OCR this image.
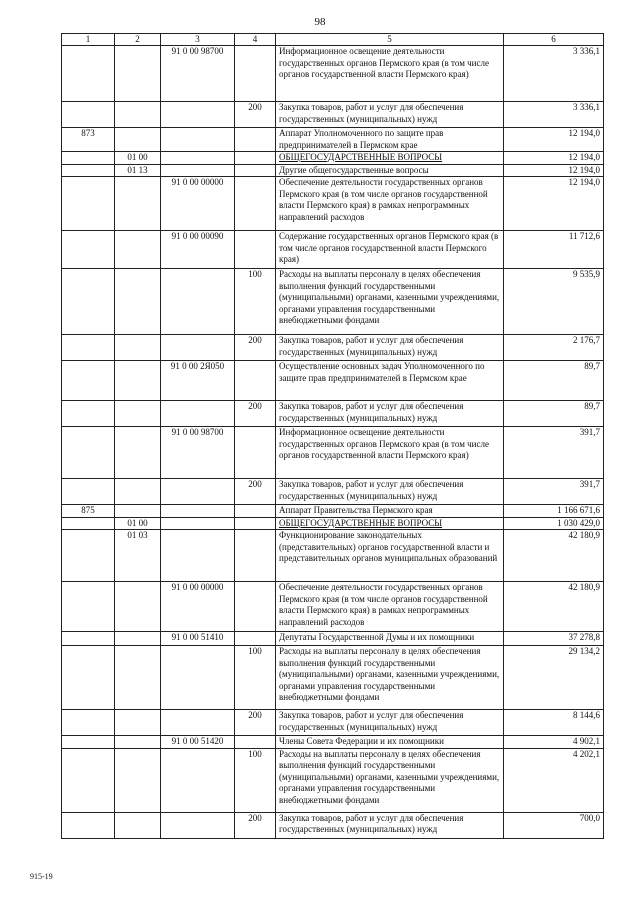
98
1	2	3	4	5	6
		91 0 00 98700		Информационное освещение деятельности государственных органов Пермского края (в том числе органов государственной власти Пермского края)	3 336,1
			200	Закупка товаров, работ и услуг для обеспечения государственных (муниципальных) нужд	3 336,1
873				Аппарат Уполномоченного по защите прав предпринимателей в Пермском крае	12 194,0
	01 00			ОБЩЕГОСУДАРСТВЕННЫЕ ВОПРОСЫ	12 194,0
	01 13			Другие общегосударственные вопросы	12 194,0
		91 0 00 00000		Обеспечение деятельности государственных органов Пермского края (в том числе органов государственной власти Пермского края) в рамках непрограммных направлений расходов	12 194,0
		91 0 00 00090		Содержание государственных органов Пермского края (в том числе органов государственной власти Пермского края)	11 712,6
			100	Расходы на выплаты персоналу в целях обеспечения выполнения функций государственными (муниципальными) органами, казенными учреждениями, органами управления государственными внебюджетными фондами	9 535,9
			200	Закупка товаров, работ и услуг для обеспечения государственных (муниципальных) нужд	2 176,7
		91 0 00 2Я050		Осуществление основных задач Уполномоченного по защите прав предпринимателей в Пермском крае	89,7
			200	Закупка товаров, работ и услуг для обеспечения государственных (муниципальных) нужд	89,7
		91 0 00 98700		Информационное освещение деятельности государственных органов Пермского края (в том числе органов государственной власти Пермского края)	391,7
			200	Закупка товаров, работ и услуг для обеспечения государственных (муниципальных) нужд	391,7
875				Аппарат Правительства Пермского края	1 166 671,6
	01 00			ОБЩЕГОСУДАРСТВЕННЫЕ ВОПРОСЫ	1 030 429,0
	01 03			Функционирование законодательных (представительных) органов государственной власти и представительных органов муниципальных образований	42 180,9
		91 0 00 00000		Обеспечение деятельности государственных органов Пермского края (в том числе органов государственной власти Пермского края) в рамках непрограммных направлений расходов	42 180,9
		91 0 00 51410		Депутаты Государственной Думы и их помощники	37 278,8
			100	Расходы на выплаты персоналу в целях обеспечения выполнения функций государственными (муниципальными) органами, казенными учреждениями, органами управления государственными внебюджетными фондами	29 134,2
			200	Закупка товаров, работ и услуг для обеспечения государственных (муниципальных) нужд	8 144,6
		91 0 00 51420		Члены Совета Федерации и их помощники	4 902,1
			100	Расходы на выплаты персоналу в целях обеспечения выполнения функций государственными (муниципальными) органами, казенными учреждениями, органами управления государственными внебюджетными фондами	4 202,1
			200	Закупка товаров, работ и услуг для обеспечения государственных (муниципальных) нужд	700,0
915-19
